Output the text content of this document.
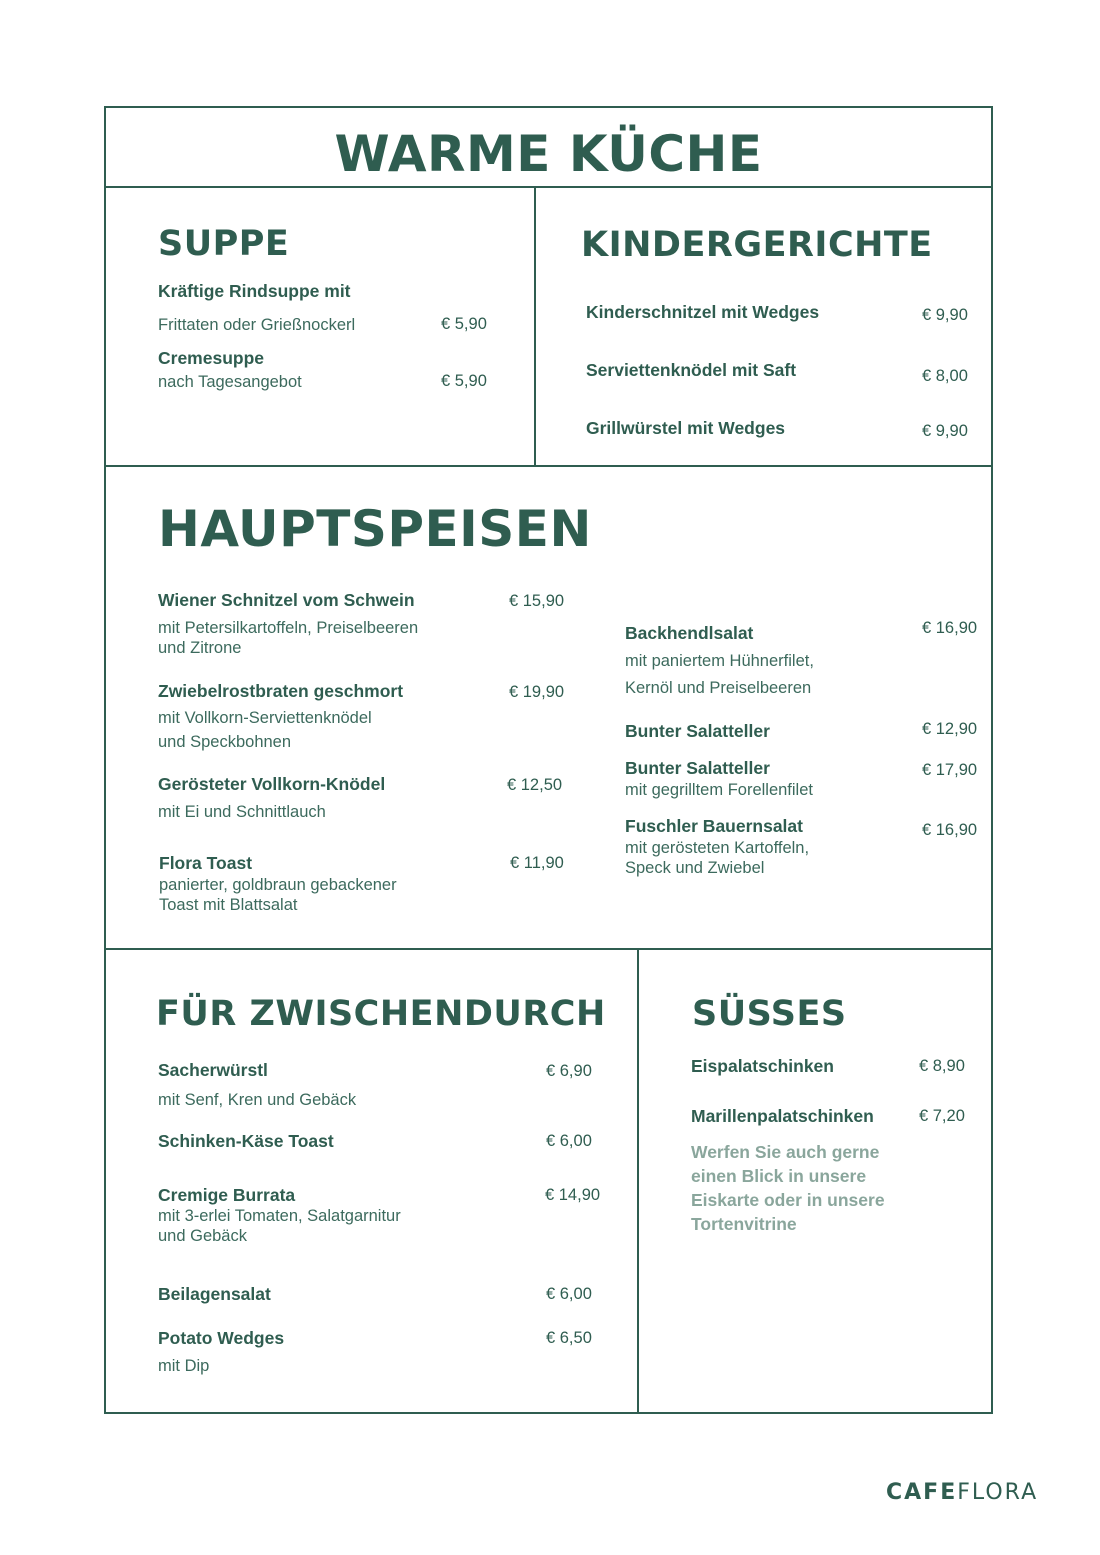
WARME KÜCHE
SUPPE
Kräftige Rindsuppe mit
Frittaten oder Grießnockerl	€ 5,90
Cremesuppe
nach Tagesangebot	€ 5,90
KINDERGERICHTE
Kinderschnitzel mit Wedges	€ 9,90
Serviettenknödel mit Saft	€ 8,00
Grillwürstel mit Wedges	€ 9,90
HAUPTSPEISEN
Wiener Schnitzel vom Schwein	€ 15,90
mit Petersilkartoffeln, Preiselbeeren
und Zitrone
Zwiebelrostbraten geschmort	€ 19,90
mit Vollkorn-Serviettenknödel
und Speckbohnen
Gerösteter Vollkorn-Knödel	€ 12,50
mit Ei und Schnittlauch
Flora Toast	€ 11,90
panierter, goldbraun gebackener
Toast mit Blattsalat
Backhendlsalat	€ 16,90
mit paniertem Hühnerfilet,
Kernöl und Preiselbeeren
Bunter Salatteller	€ 12,90
Bunter Salatteller	€ 17,90
mit gegrilltem Forellenfilet
Fuschler Bauernsalat	€ 16,90
mit gerösteten Kartoffeln,
Speck und Zwiebel
FÜR ZWISCHENDURCH
Sacherwürstl	€ 6,90
mit Senf, Kren und Gebäck
Schinken-Käse Toast	€ 6,00
Cremige Burrata	€ 14,90
mit 3-erlei Tomaten, Salatgarnitur
und Gebäck
Beilagensalat	€ 6,00
Potato Wedges	€ 6,50
mit Dip
SÜSSES
Eispalatschinken	€ 8,90
Marillenpalatschinken	€ 7,20
Werfen Sie auch gerne
einen Blick in unsere
Eiskarte oder in unsere
Tortenvitrine
CAFEFLORA
